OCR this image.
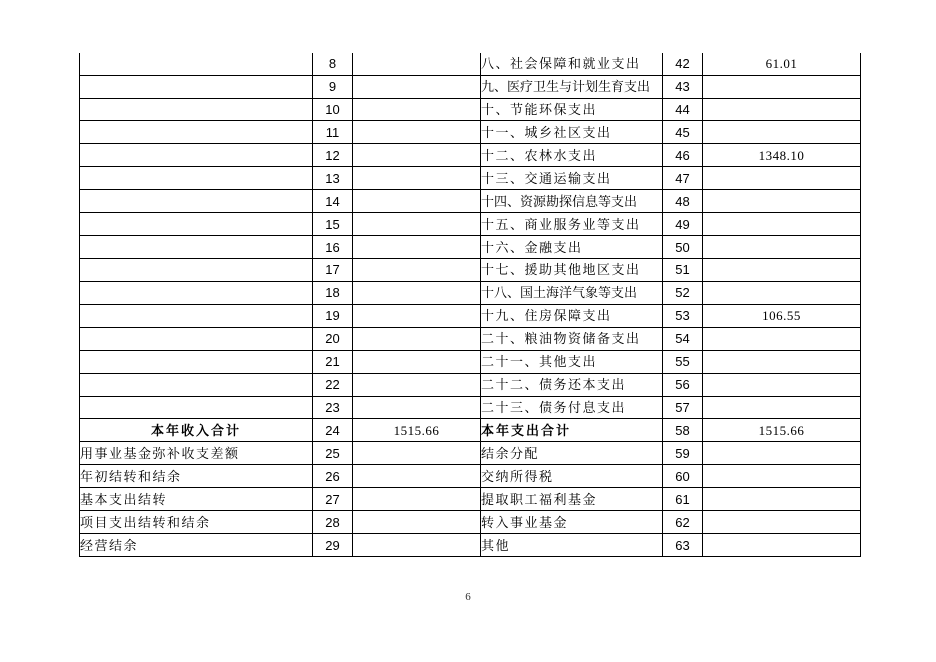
	8		八、社会保障和就业支出	42	61.01
	9		九、医疗卫生与计划生育支出	43	
	10		十、节能环保支出	44	
	11		十一、城乡社区支出	45	
	12		十二、农林水支出	46	1348.10
	13		十三、交通运输支出	47	
	14		十四、资源勘探信息等支出	48	
	15		十五、商业服务业等支出	49	
	16		十六、金融支出	50	
	17		十七、援助其他地区支出	51	
	18		十八、国土海洋气象等支出	52	
	19		十九、住房保障支出	53	106.55
	20		二十、粮油物资储备支出	54	
	21		二十一、其他支出	55	
	22		二十二、债务还本支出	56	
	23		二十三、债务付息支出	57	
本年收入合计	24	1515.66	本年支出合计	58	1515.66
用事业基金弥补收支差额	25		结余分配	59	
年初结转和结余	26		交纳所得税	60	
基本支出结转	27		提取职工福利基金	61	
项目支出结转和结余	28		转入事业基金	62	
经营结余	29		其他	63	
6
